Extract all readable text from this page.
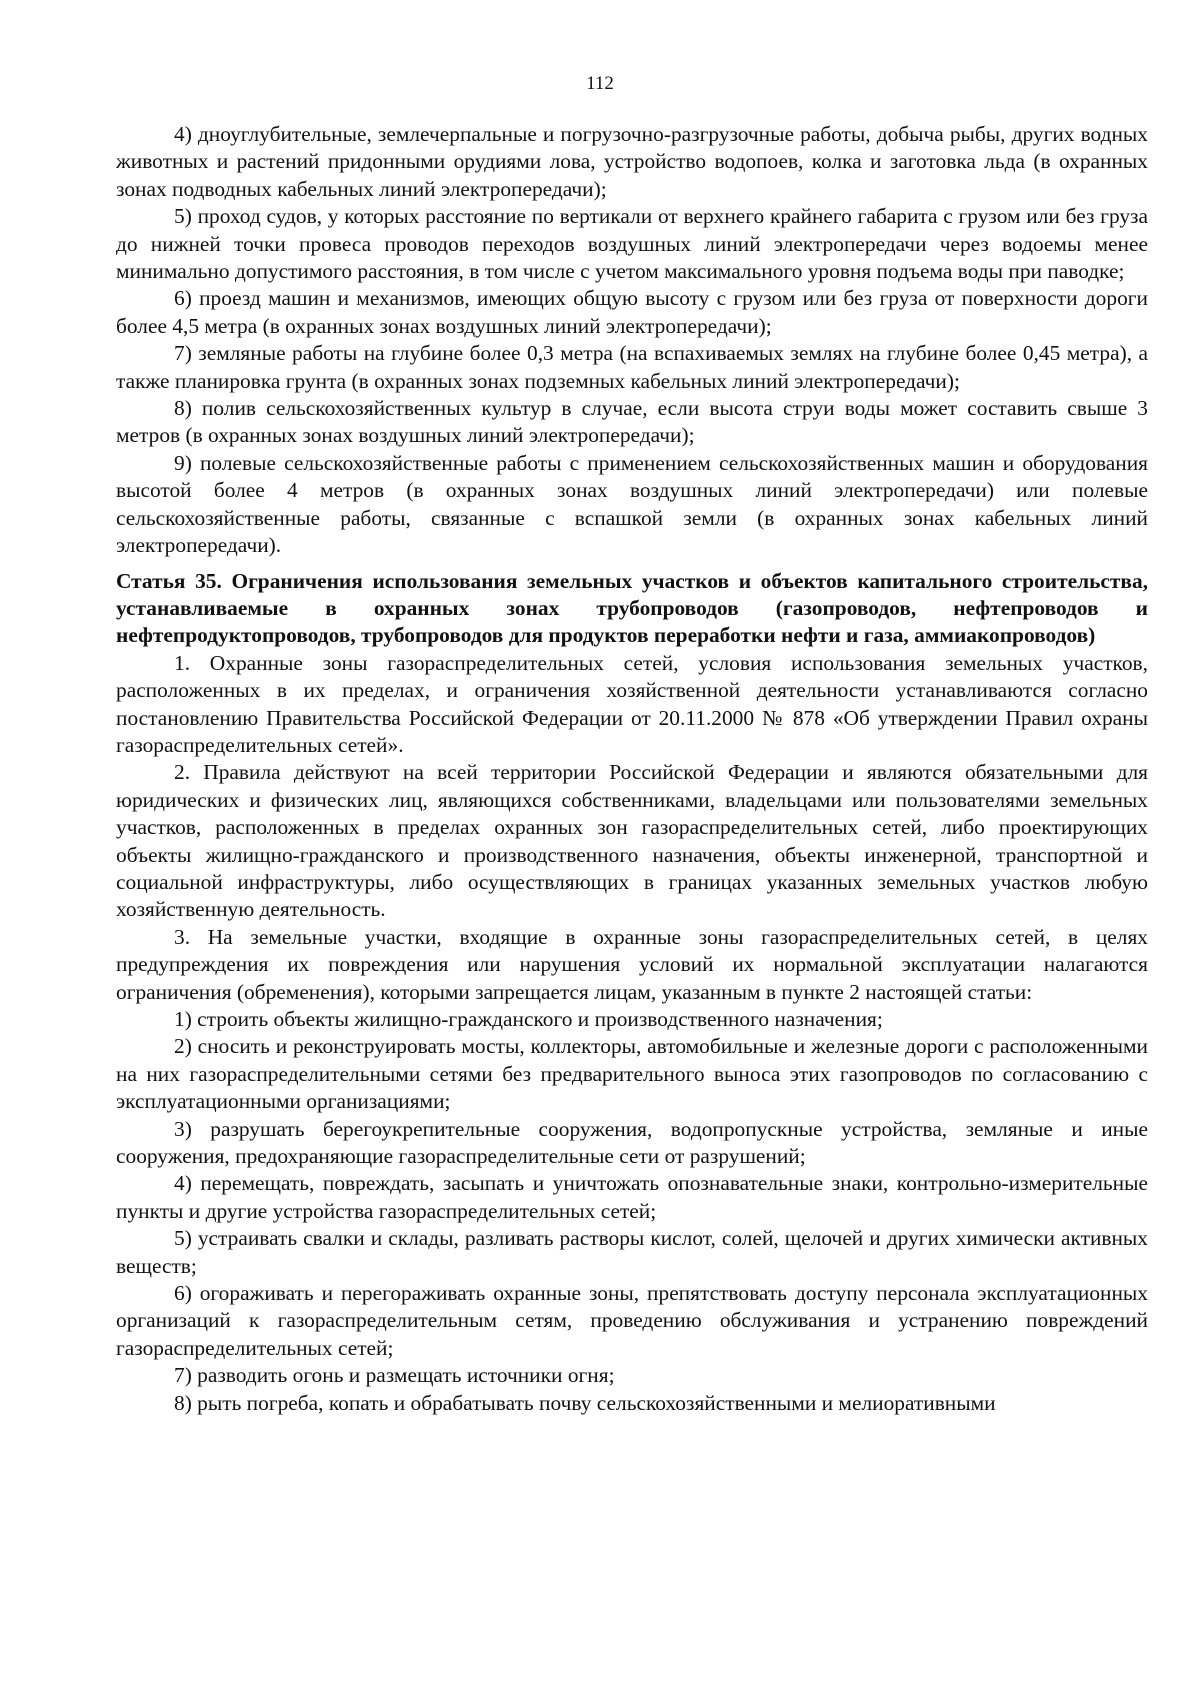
112

4) дноуглубительные, землечерпальные и погрузочно-разгрузочные работы, добыча рыбы, других водных животных и растений придонными орудиями лова, устройство водопоев, колка и заготовка льда (в охранных зонах подводных кабельных линий электропередачи);

5) проход судов, у которых расстояние по вертикали от верхнего крайнего габарита с грузом или без груза до нижней точки провеса проводов переходов воздушных линий электропередачи через водоемы менее минимально допустимого расстояния, в том числе с учетом максимального уровня подъема воды при паводке;

6) проезд машин и механизмов, имеющих общую высоту с грузом или без груза от поверхности дороги более 4,5 метра (в охранных зонах воздушных линий электропередачи);

7) земляные работы на глубине более 0,3 метра (на вспахиваемых землях на глубине более 0,45 метра), а также планировка грунта (в охранных зонах подземных кабельных линий электропередачи);

8) полив сельскохозяйственных культур в случае, если высота струи воды может составить свыше 3 метров (в охранных зонах воздушных линий электропередачи);

9) полевые сельскохозяйственные работы с применением сельскохозяйственных машин и оборудования высотой более 4 метров (в охранных зонах воздушных линий электропередачи) или полевые сельскохозяйственные работы, связанные с вспашкой земли (в охранных зонах кабельных линий электропередачи).

Статья 35. Ограничения использования земельных участков и объектов капитального строительства, устанавливаемые в охранных зонах трубопроводов (газопроводов, нефтепроводов и нефтепродуктопроводов, трубопроводов для продуктов переработки нефти и газа, аммиакопроводов)

1. Охранные зоны газораспределительных сетей, условия использования земельных участков, расположенных в их пределах, и ограничения хозяйственной деятельности устанавливаются согласно постановлению Правительства Российской Федерации от 20.11.2000 № 878 «Об утверждении Правил охраны газораспределительных сетей».

2. Правила действуют на всей территории Российской Федерации и являются обязательными для юридических и физических лиц, являющихся собственниками, владельцами или пользователями земельных участков, расположенных в пределах охранных зон газораспределительных сетей, либо проектирующих объекты жилищно-гражданского и производственного назначения, объекты инженерной, транспортной и социальной инфраструктуры, либо осуществляющих в границах указанных земельных участков любую хозяйственную деятельность.

3. На земельные участки, входящие в охранные зоны газораспределительных сетей, в целях предупреждения их повреждения или нарушения условий их нормальной эксплуатации налагаются ограничения (обременения), которыми запрещается лицам, указанным в пункте 2 настоящей статьи:

1) строить объекты жилищно-гражданского и производственного назначения;

2) сносить и реконструировать мосты, коллекторы, автомобильные и железные дороги с расположенными на них газораспределительными сетями без предварительного выноса этих газопроводов по согласованию с эксплуатационными организациями;

3) разрушать берегоукрепительные сооружения, водопропускные устройства, земляные и иные сооружения, предохраняющие газораспределительные сети от разрушений;

4) перемещать, повреждать, засыпать и уничтожать опознавательные знаки, контрольно-измерительные пункты и другие устройства газораспределительных сетей;

5) устраивать свалки и склады, разливать растворы кислот, солей, щелочей и других химически активных веществ;

6) огораживать и перегораживать охранные зоны, препятствовать доступу персонала эксплуатационных организаций к газораспределительным сетям, проведению обслуживания и устранению повреждений газораспределительных сетей;

7) разводить огонь и размещать источники огня;

8) рыть погреба, копать и обрабатывать почву сельскохозяйственными и мелиоративными
